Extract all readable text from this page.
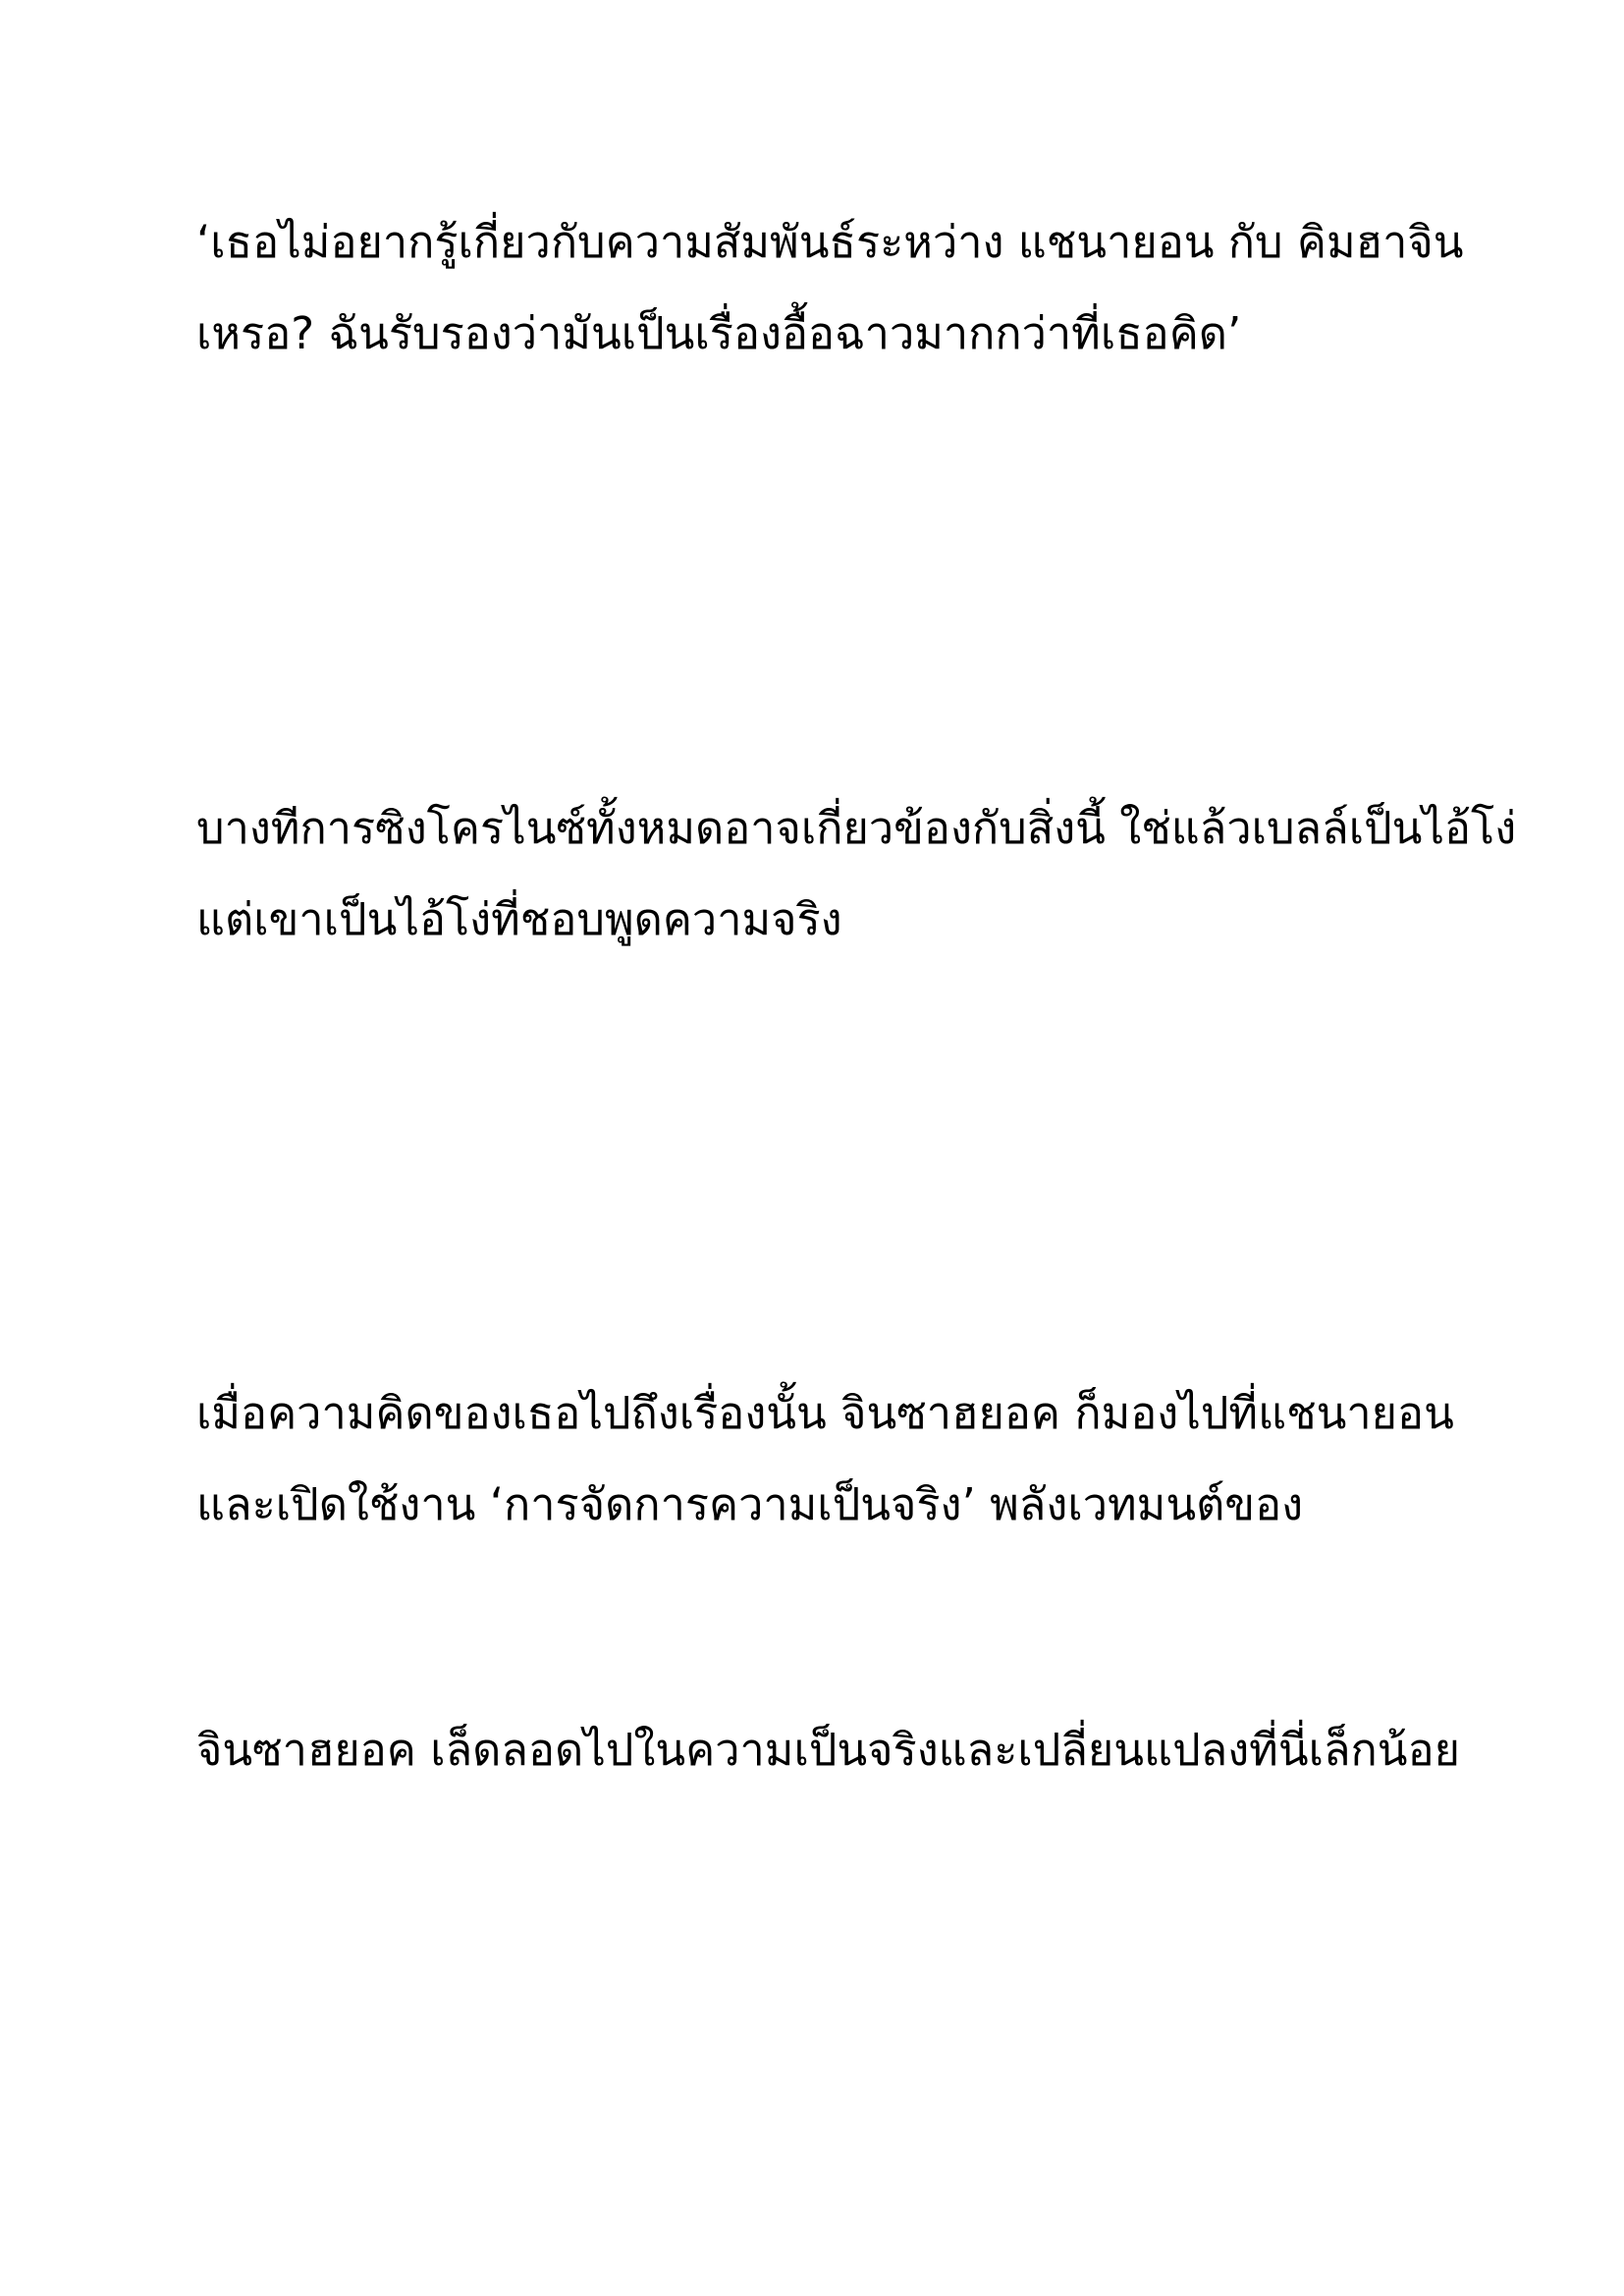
‘เธอไม่อยากรู้เกี่ยวกับความสัมพันธ์ระหว่าง แชนายอน กับ คิมฮาจิน
เหรอ? ฉันรับรองว่ามันเป็นเรื่องอื้อฉาวมากกว่าที่เธอคิด’

บางทีการซิงโครไนซ์ทั้งหมดอาจเกี่ยวข้องกับสิ่งนี้ ใช่แล้วเบลล์เป็นไอ้โง่
แต่เขาเป็นไอ้โง่ที่ชอบพูดความจริง

เมื่อความคิดของเธอไปถึงเรื่องนั้น จินซาฮยอค ก็มองไปที่แชนายอน
และเปิดใช้งาน ‘การจัดการความเป็นจริง’ พลังเวทมนต์ของ

จินซาฮยอค เล็ดลอดไปในความเป็นจริงและเปลี่ยนแปลงที่นี่เล็กน้อย
